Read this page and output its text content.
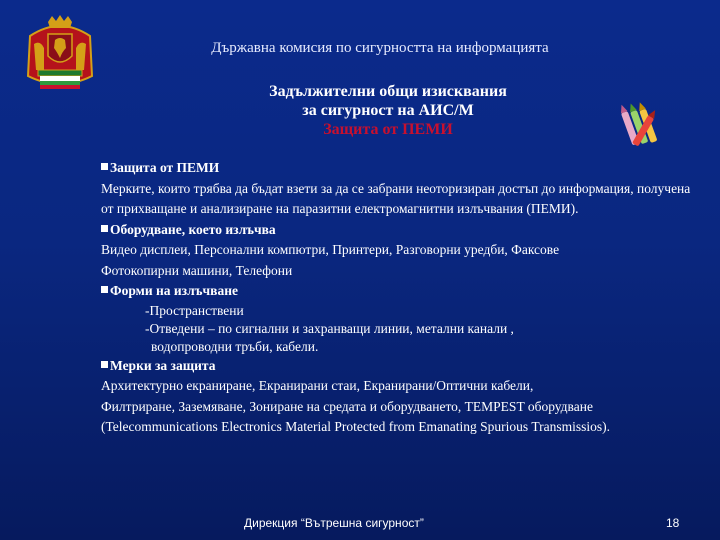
Държавна комисия по сигурността на информацията
Задължителни общи изисквания
за сигурност на АИС/М
Защита от ПЕМИ
Защита от ПЕМИ
Мерките, които трябва да бъдат взети за да се забрани неоторизиран достъп до информация, получена от прихващане и анализиране на паразитни електромагнитни излъчвания (ПЕМИ).
Оборудване, което излъчва
Видео дисплеи, Персонални компютри, Принтери, Разговорни уредби, Факсове
Фотокопирни машини, Телефони
Форми на излъчване
-Пространствени
-Отведени – по сигнални и захранващи линии, метални канали ,
водопроводни тръби, кабели.
Мерки за защита
Архитектурно екраниране, Екранирани стаи, Екранирани/Оптични кабели,
Филтриране, Заземяване, Зониране на средата и оборудването, TEMPEST оборудване (Telecommunications Electronics Material Protected from Emanating Spurious Transmissios).
Дирекция “Вътрешна сигурност”	18
